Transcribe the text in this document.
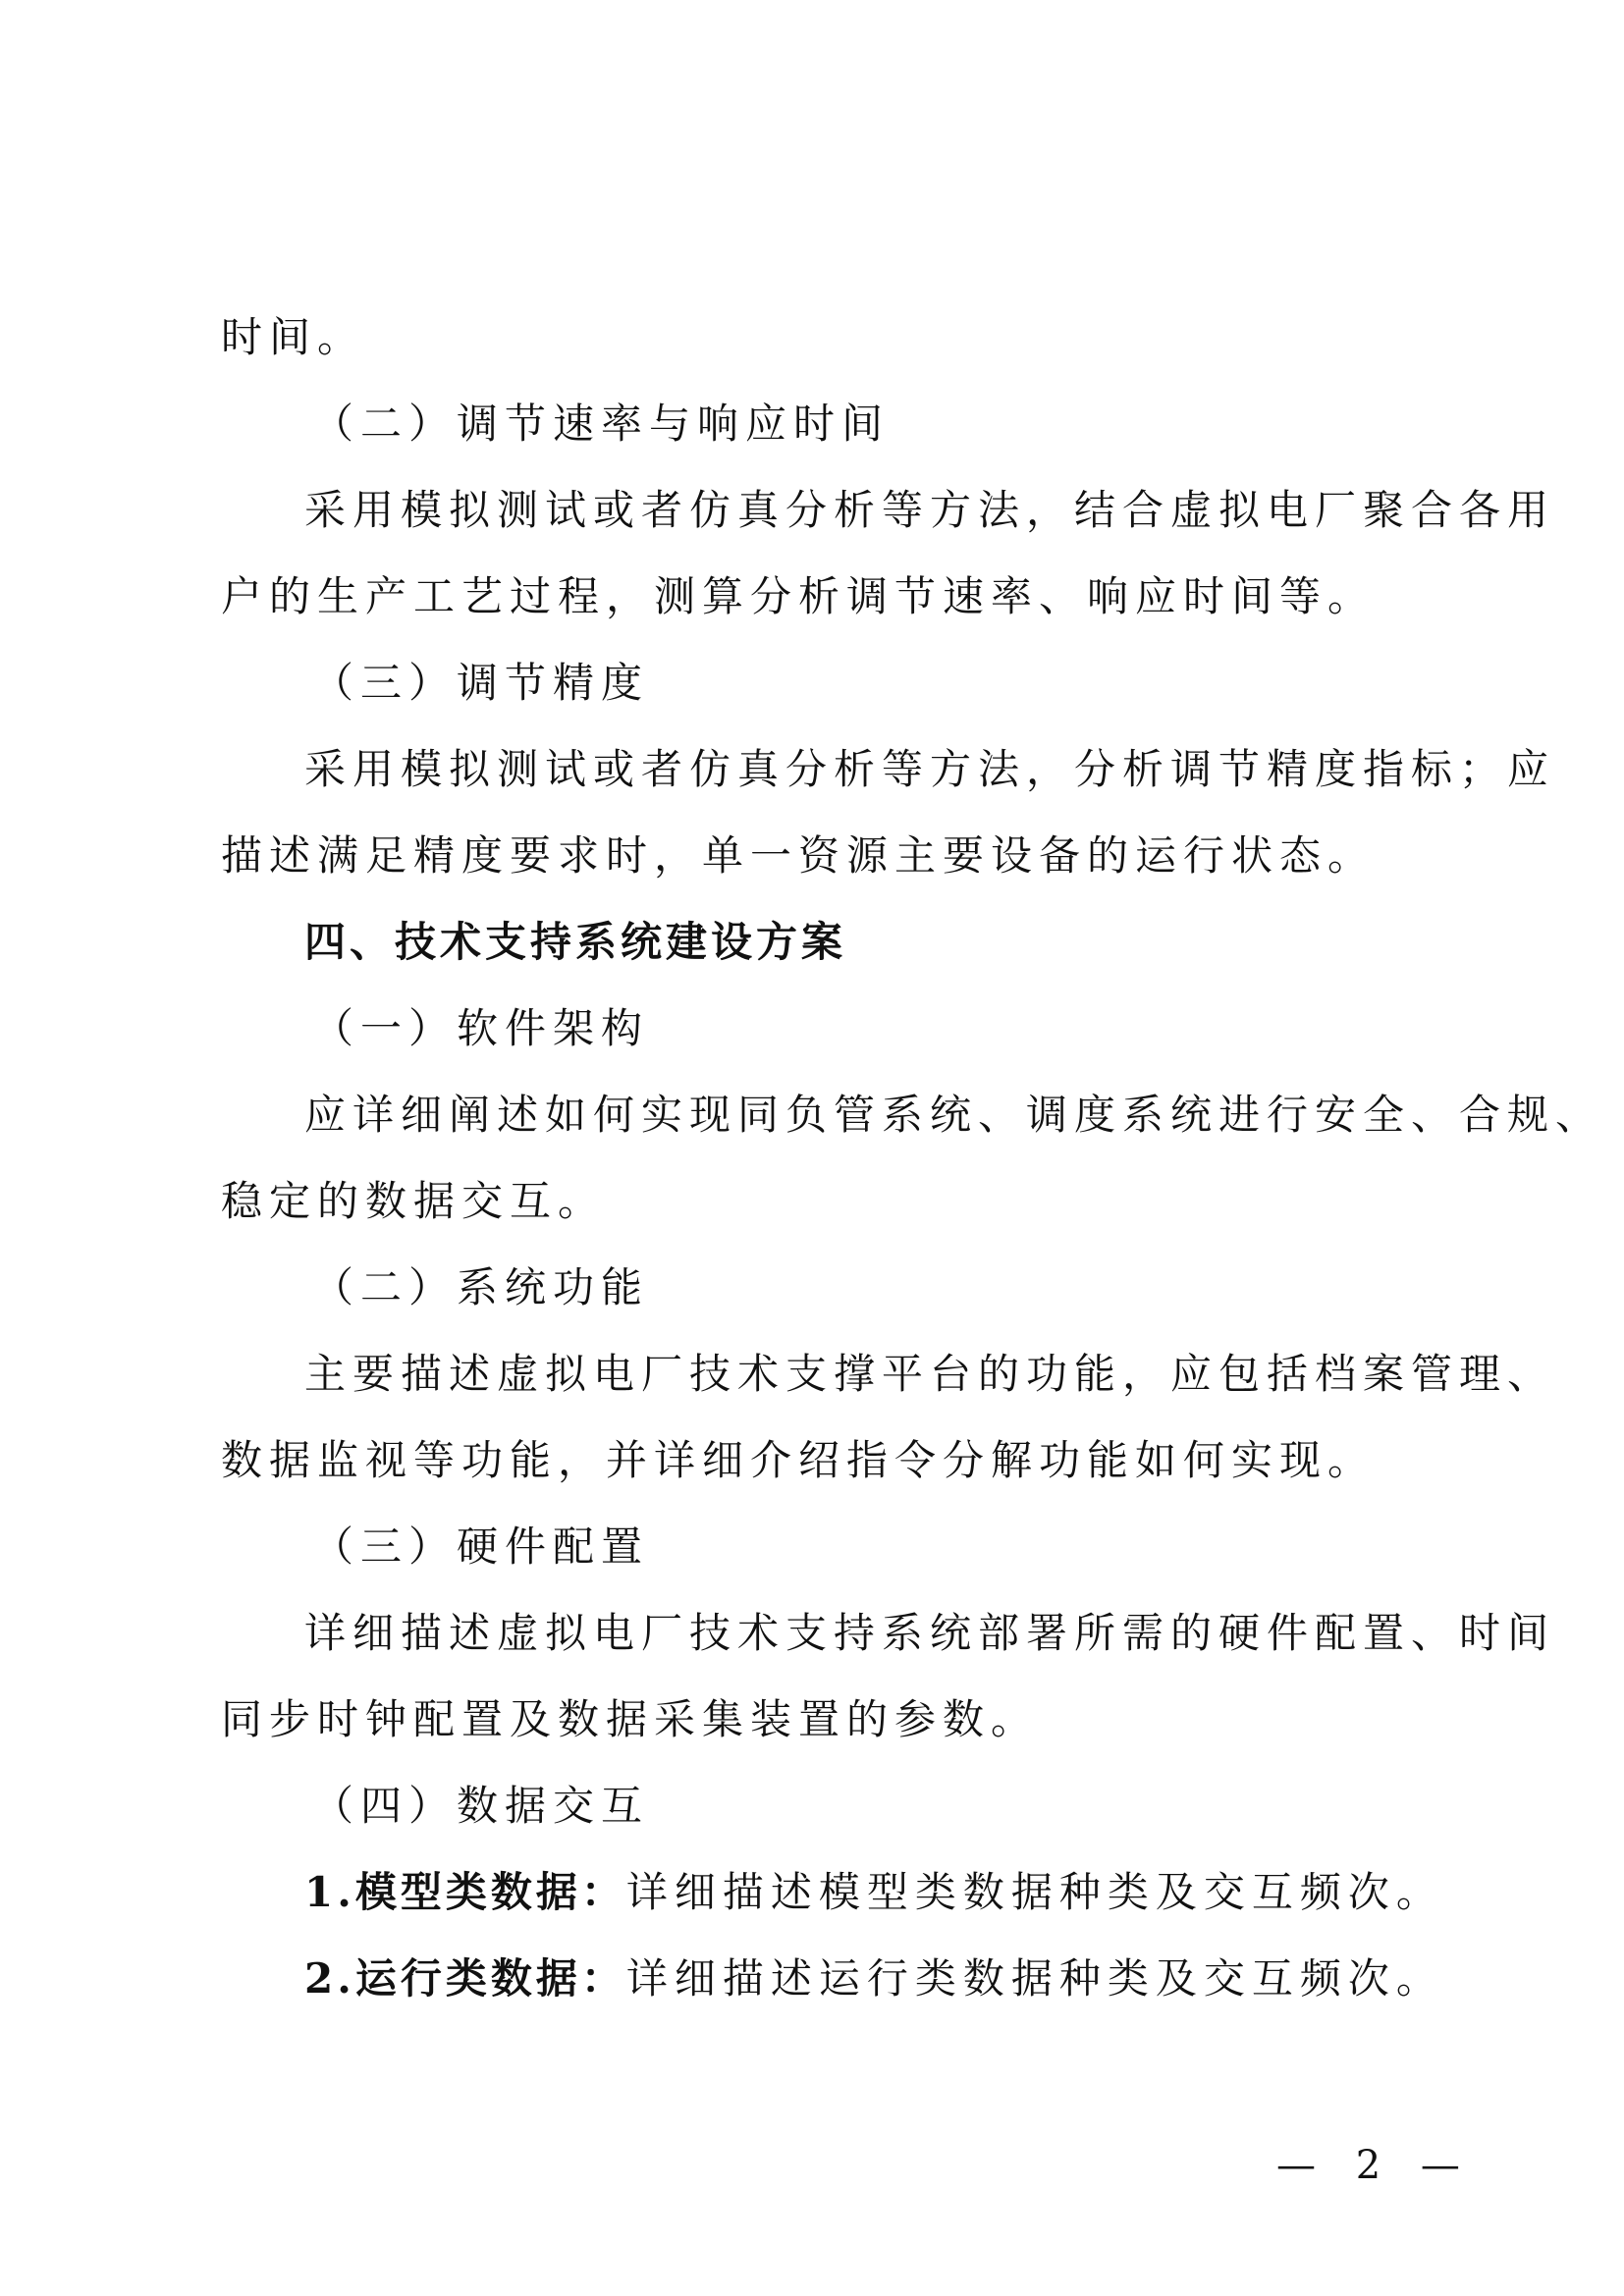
时间。
（二）调节速率与响应时间
采用模拟测试或者仿真分析等方法，结合虚拟电厂聚合各用
户的生产工艺过程，测算分析调节速率、响应时间等。
（三）调节精度
采用模拟测试或者仿真分析等方法，分析调节精度指标；应
描述满足精度要求时，单一资源主要设备的运行状态。
四、技术支持系统建设方案
（一）软件架构
应详细阐述如何实现同负管系统、调度系统进行安全、合规、
稳定的数据交互。
（二）系统功能
主要描述虚拟电厂技术支撑平台的功能，应包括档案管理、
数据监视等功能，并详细介绍指令分解功能如何实现。
（三）硬件配置
详细描述虚拟电厂技术支持系统部署所需的硬件配置、时间
同步时钟配置及数据采集装置的参数。
（四）数据交互
1.模型类数据：详细描述模型类数据种类及交互频次。
2.运行类数据：详细描述运行类数据种类及交互频次。
— 2 —
